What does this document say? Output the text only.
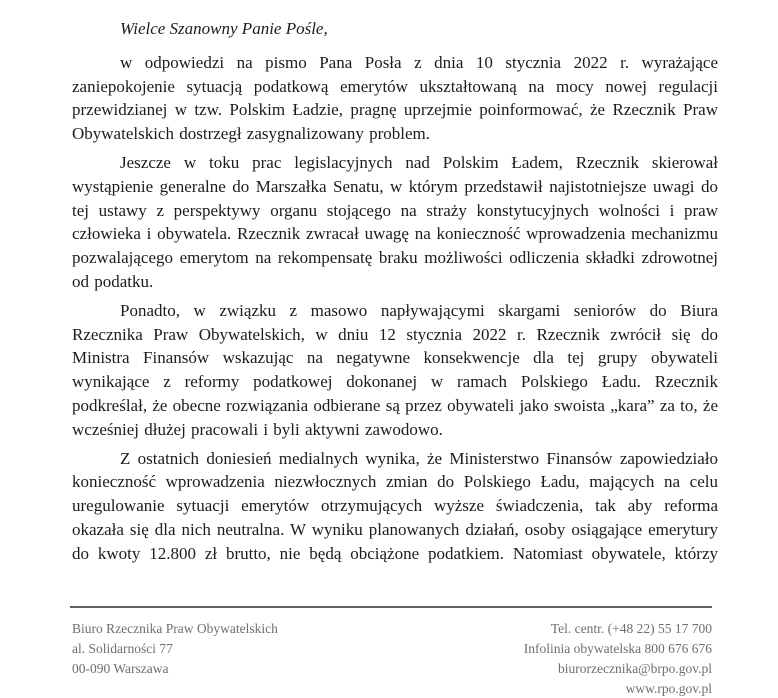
Wielce Szanowny Panie Pośle,

w odpowiedzi na pismo Pana Posła z dnia 10 stycznia 2022 r. wyrażające zaniepokojenie sytuacją podatkową emerytów ukształtowaną na mocy nowej regulacji przewidzianej w tzw. Polskim Ładzie, pragnę uprzejmie poinformować, że Rzecznik Praw Obywatelskich dostrzegł zasygnalizowany problem.

Jeszcze w toku prac legislacyjnych nad Polskim Ładem, Rzecznik skierował wystąpienie generalne do Marszałka Senatu, w którym przedstawił najistotniejsze uwagi do tej ustawy z perspektywy organu stojącego na straży konstytucyjnych wolności i praw człowieka i obywatela. Rzecznik zwracał uwagę na konieczność wprowadzenia mechanizmu pozwalającego emerytom na rekompensatę braku możliwości odliczenia składki zdrowotnej od podatku.

Ponadto, w związku z masowo napływającymi skargami seniorów do Biura Rzecznika Praw Obywatelskich, w dniu 12 stycznia 2022 r. Rzecznik zwrócił się do Ministra Finansów wskazując na negatywne konsekwencje dla tej grupy obywateli wynikające z reformy podatkowej dokonanej w ramach Polskiego Ładu. Rzecznik podkreślał, że obecne rozwiązania odbierane są przez obywateli jako swoista „kara” za to, że wcześniej dłużej pracowali i byli aktywni zawodowo.

Z ostatnich doniesień medialnych wynika, że Ministerstwo Finansów zapowiedziało konieczność wprowadzenia niezwłocznych zmian do Polskiego Ładu, mających na celu uregulowanie sytuacji emerytów otrzymujących wyższe świadczenia, tak aby reforma okazała się dla nich neutralna. W wyniku planowanych działań, osoby osiągające emerytury do kwoty 12.800 zł brutto, nie będą obciążone podatkiem. Natomiast obywatele, którzy

Biuro Rzecznika Praw Obywatelskich
al. Solidarności 77
00-090 Warszawa
Tel. centr. (+48 22) 55 17 700
Infolinia obywatelska 800 676 676
biurorzecznika@brpo.gov.pl
www.rpo.gov.pl
